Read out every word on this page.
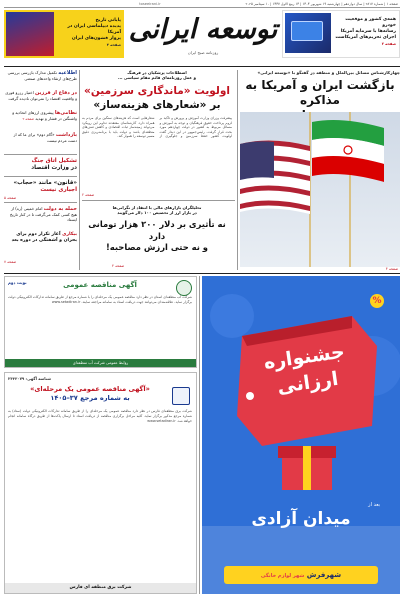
صفحه ۱ | شماره ۲۸۱۷ | سال دوازدهم | چهارشنبه ۱۹ شهریور ۱۴۰۴ | ۱۴ ربیع الاول ۱۴۴۷ | ۱۰ سپتامبر ۲۰۲۵
toseeirani.ir
همه‌ی کشور و موقعیت خودرو
رسانه‌ها با سرمایه آمریکا
اجرای تحریم‌های آمریکاست
صفحه ۳
توسعه ایرانی
روزنامه صبح ایران
پایانی تاریخ
پدیده دیپلماسی ایران در آمریکا
پرواز قشون‌های ایران
صفحه ۴
چهارکارشناس مسائل بین‌الملل و منطقه در گفتگو با «توسعه ایرانی»
بازگشت ایران و آمریکا به مذاکره
صفحه ۳
اصطلاحات پزشکیان در فرهنگ
و عمل روزنامه‌ای قائم مقام سیاسی ...
اولویت «ماندگاری سرزمین»
بر «شعارهای هزینه‌ساز»
پیشرفت وزرای وزارت آموزش و پرورش و تأکید بر لزوم پرداخت حقوق فرهنگیان و توجه به آموزش و مسائل مربوط به کشور در دولت چهاردهم مورد بحث قرار گرفت. رئیس‌جمهور در این دیدار گفت اولویت کشور حفظ سرزمین و جلوگیری از شعارهایی است که هزینه‌های سنگین برای مردم به همراه دارد. کارشناسان معتقدند تداوم این رویکرد می‌تواند زمینه‌ساز ثبات اقتصادی و کاهش تنش‌های منطقه‌ای باشد و دولت باید با برنامه‌ریزی دقیق مسیر توسعه را هموار کند.
صفحه ۲
تحلیلگران بازارهای مالی با انتقاد از نگرانی‌ها
در بازار ارز از تخصیص ۱۰۰ دلار می‌گویند
نه تأثیری بر دلار ۲۰۰ هزار تومانی دارد
و نه حتی ارزش مصاحبه!
صفحه ۴
اطلاعیه تکمیل مدارک بازرسی بررسی طرح‌های ارتقاء واحدهای صنعتی
در دفاع از فرزین اختیار رزرو فوری و واقعیت اقتصاد را نمی‌توان نادیده گرفت
نظامی‌ها پیشروی ارزهای اتحادیه و واشنگتن در فشار و تهدید صفحه ۲
بازداشت «گام دوم» برای ما که از دست مردم نیست
تشکیل اتاق جنگ
در وزارت اقتصاد
«قانون» مانند «حجاب»
اجباری نیست
صفحه ۵
حمله به دولت امام خمینی (ره) از هیچ کسی کمک می‌گرفت تا در کنار تاریخ ایستاد
بیکاری آغاز تکرار دوم برای بحران و آشفتگی در دوره بعد
صفحه ۷
%
جشنواره
ارزانی
بعد از
میدان آزادی
شهرفرش شهر لوازم خانگی
نوبت دوم	آگهی مناقصه عمومی
شرکت آب منطقه‌ای استان در نظر دارد مناقصه عمومی یک مرحله‌ای را با شماره مرجع از طریق سامانه تدارکات الکترونیکی دولت برگزار نماید. علاقه‌مندان می‌توانند جهت دریافت اسناد به سامانه مراجعه نمایند. www.setadiran.ir
روابط عمومی شرکت آب منطقه‌ای
شناسه آگهی: ۲۴۴۳۰۷۹
«آگهی مناقصه عمومی یک مرحله‌ای»
به شماره مرجع ۳۷–۱۴۰۵
شرکت برق منطقه‌ای فارس در نظر دارد مناقصه عمومی یک مرحله‌ای را از طریق سامانه تدارکات الکترونیکی دولت (ستاد) به شماره مرجع مذکور برگزار نماید. کلیه مراحل برگزاری مناقصه از دریافت اسناد تا ارسال پاکت‌ها از طریق درگاه سامانه انجام خواهد شد. www.setadiran.ir
شرکت برق منطقه ای فارس
